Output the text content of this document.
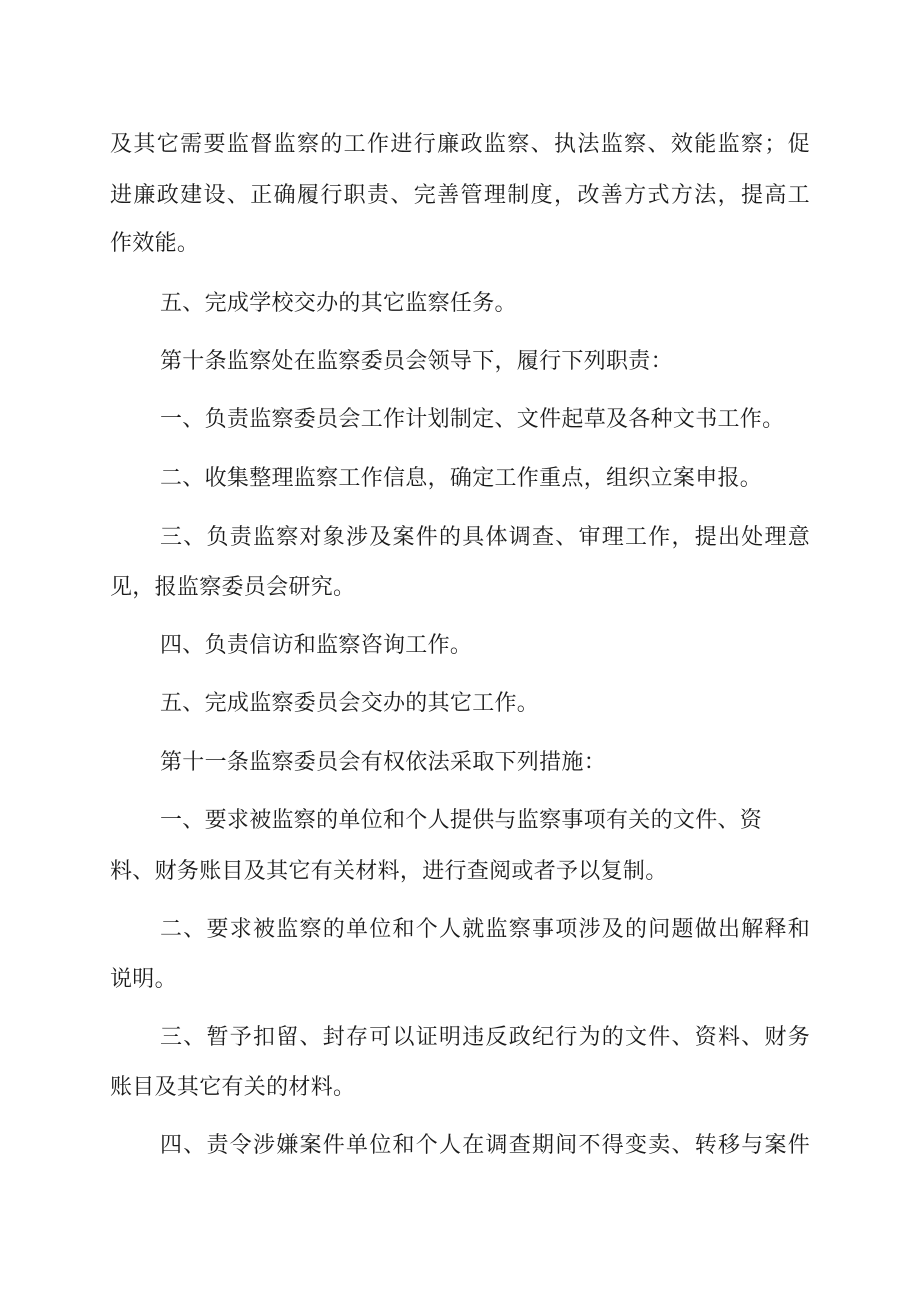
及其它需要监督监察的工作进行廉政监察、执法监察、效能监察；促
进廉政建设、正确履行职责、完善管理制度，改善方式方法，提高工
作效能。
五、完成学校交办的其它监察任务。
第十条监察处在监察委员会领导下，履行下列职责：
一、负责监察委员会工作计划制定、文件起草及各种文书工作。
二、收集整理监察工作信息，确定工作重点，组织立案申报。
三、负责监察对象涉及案件的具体调查、审理工作，提出处理意
见，报监察委员会研究。
四、负责信访和监察咨询工作。
五、完成监察委员会交办的其它工作。
第十一条监察委员会有权依法采取下列措施：
一、要求被监察的单位和个人提供与监察事项有关的文件、资
料、财务账目及其它有关材料，进行查阅或者予以复制。
二、要求被监察的单位和个人就监察事项涉及的问题做出解释和
说明。
三、暂予扣留、封存可以证明违反政纪行为的文件、资料、财务
账目及其它有关的材料。
四、责令涉嫌案件单位和个人在调查期间不得变卖、转移与案件
